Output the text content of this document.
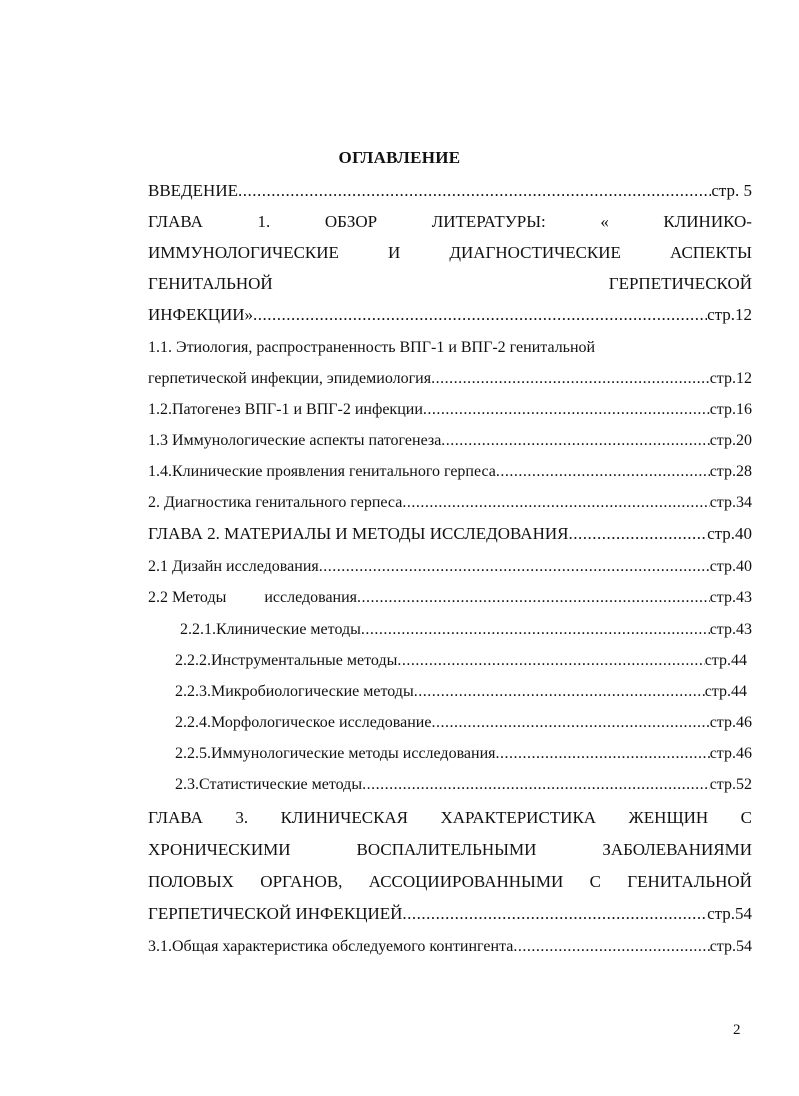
ОГЛАВЛЕНИЕ
ВВЕДЕНИЕ .....	стр. 5
ГЛАВА	1.	ОБЗОР	ЛИТЕРАТУРЫ:	«	КЛИНИКО-
ИММУНОЛОГИЧЕСКИЕ	И	ДИАГНОСТИЧЕСКИЕ	АСПЕКТЫ
ГЕНИТАЛЬНОЙ	ГЕРПЕТИЧЕСКОЙ
ИНФЕКЦИИ» .....	стр.12
1.1. Этиология, распространенность ВПГ-1 и ВПГ-2 генитальной
герпетической инфекции, эпидемиология .....	стр.12
1.2.Патогенез ВПГ-1 и ВПГ-2 инфекции .....	стр.16
1.3 Иммунологические аспекты патогенеза .....	стр.20
1.4.Клинические проявления генитального герпеса .....	стр.28
2. Диагностика генитального герпеса .....	стр.34
ГЛАВА 2. МАТЕРИАЛЫ И МЕТОДЫ ИССЛЕДОВАНИЯ .....	стр.40
2.1 Дизайн исследования .....	стр.40
2.2 Методы исследования .....	стр.43
2.2.1.Клинические методы .....	стр.43
2.2.2.Инструментальные методы .....	стр.44
2.2.3.Микробиологические методы .....	стр.44
2.2.4.Морфологическое исследование .....	стр.46
2.2.5.Иммунологические методы исследования .....	стр.46
2.3.Статистические методы .....	стр.52
ГЛАВА 3. КЛИНИЧЕСКАЯ ХАРАКТЕРИСТИКА ЖЕНЩИН С
ХРОНИЧЕСКИМИ	ВОСПАЛИТЕЛЬНЫМИ	ЗАБОЛЕВАНИЯМИ
ПОЛОВЫХ ОРГАНОВ, АССОЦИИРОВАННЫМИ С ГЕНИТАЛЬНОЙ
ГЕРПЕТИЧЕСКОЙ ИНФЕКЦИЕЙ .....	стр.54
3.1.Общая характеристика обследуемого контингента .....	стр.54
2
